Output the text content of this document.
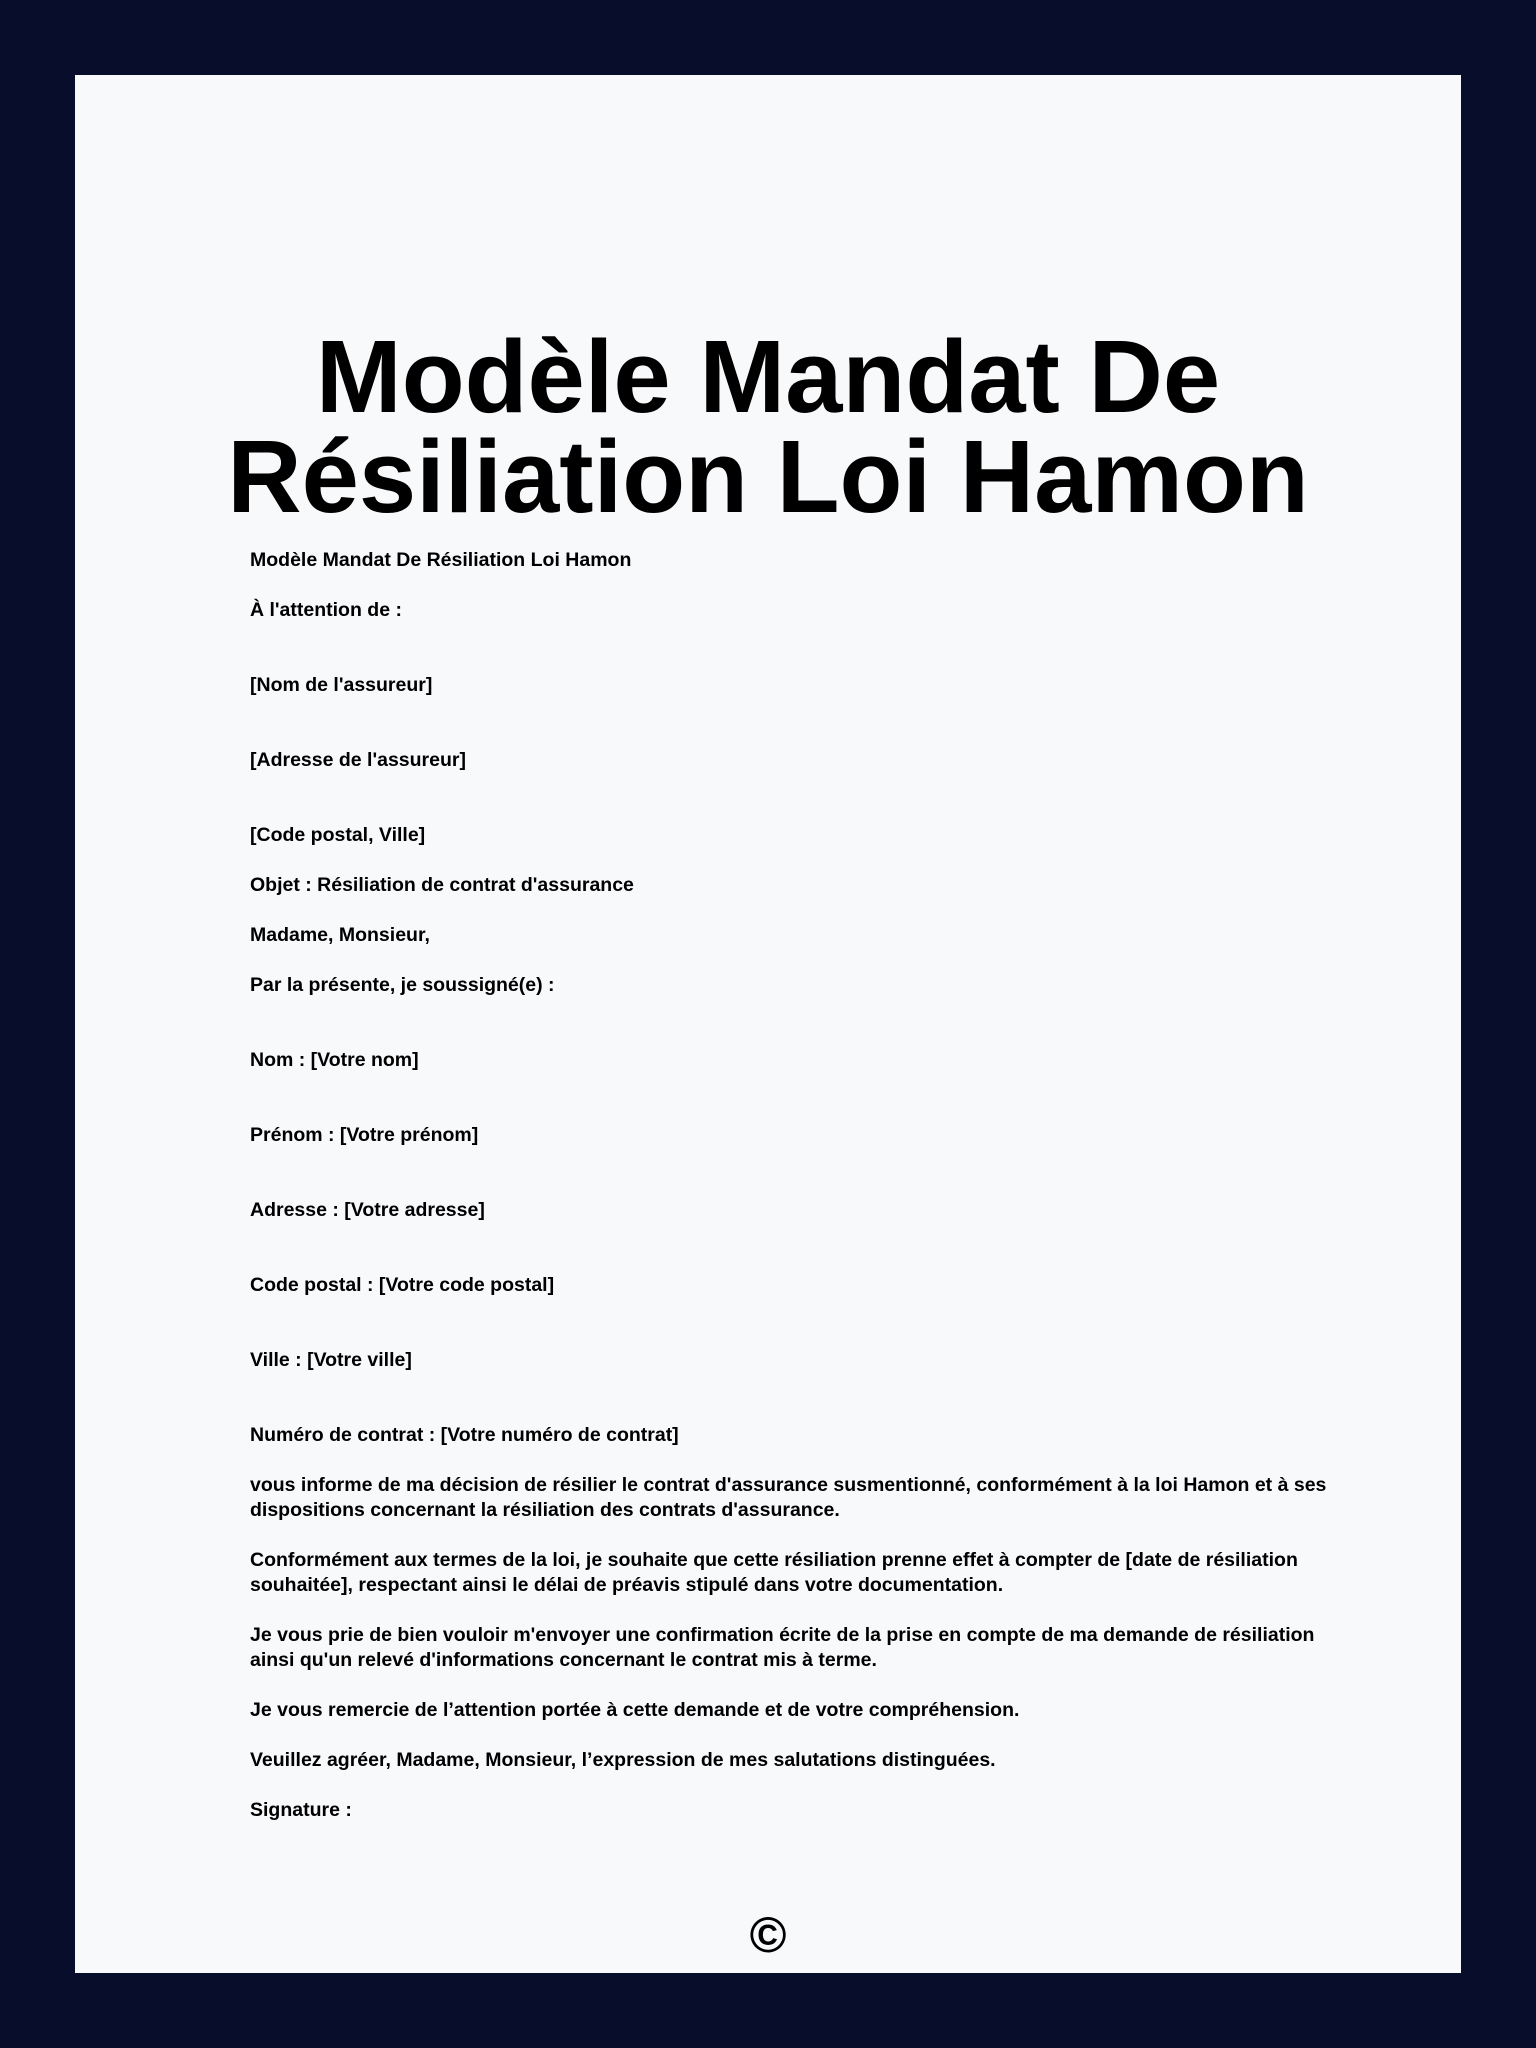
Modèle Mandat De
Résiliation Loi Hamon

Modèle Mandat De Résiliation Loi Hamon

À l'attention de :

[Nom de l'assureur]

[Adresse de l'assureur]

[Code postal, Ville]

Objet : Résiliation de contrat d'assurance

Madame, Monsieur,

Par la présente, je soussigné(e) :

Nom : [Votre nom]

Prénom : [Votre prénom]

Adresse : [Votre adresse]

Code postal : [Votre code postal]

Ville : [Votre ville]

Numéro de contrat : [Votre numéro de contrat]

vous informe de ma décision de résilier le contrat d'assurance susmentionné, conformément à la loi Hamon et à ses dispositions concernant la résiliation des contrats d'assurance.

Conformément aux termes de la loi, je souhaite que cette résiliation prenne effet à compter de [date de résiliation souhaitée], respectant ainsi le délai de préavis stipulé dans votre documentation.

Je vous prie de bien vouloir m'envoyer une confirmation écrite de la prise en compte de ma demande de résiliation ainsi qu'un relevé d'informations concernant le contrat mis à terme.

Je vous remercie de l’attention portée à cette demande et de votre compréhension.

Veuillez agréer, Madame, Monsieur, l’expression de mes salutations distinguées.

Signature :

©
